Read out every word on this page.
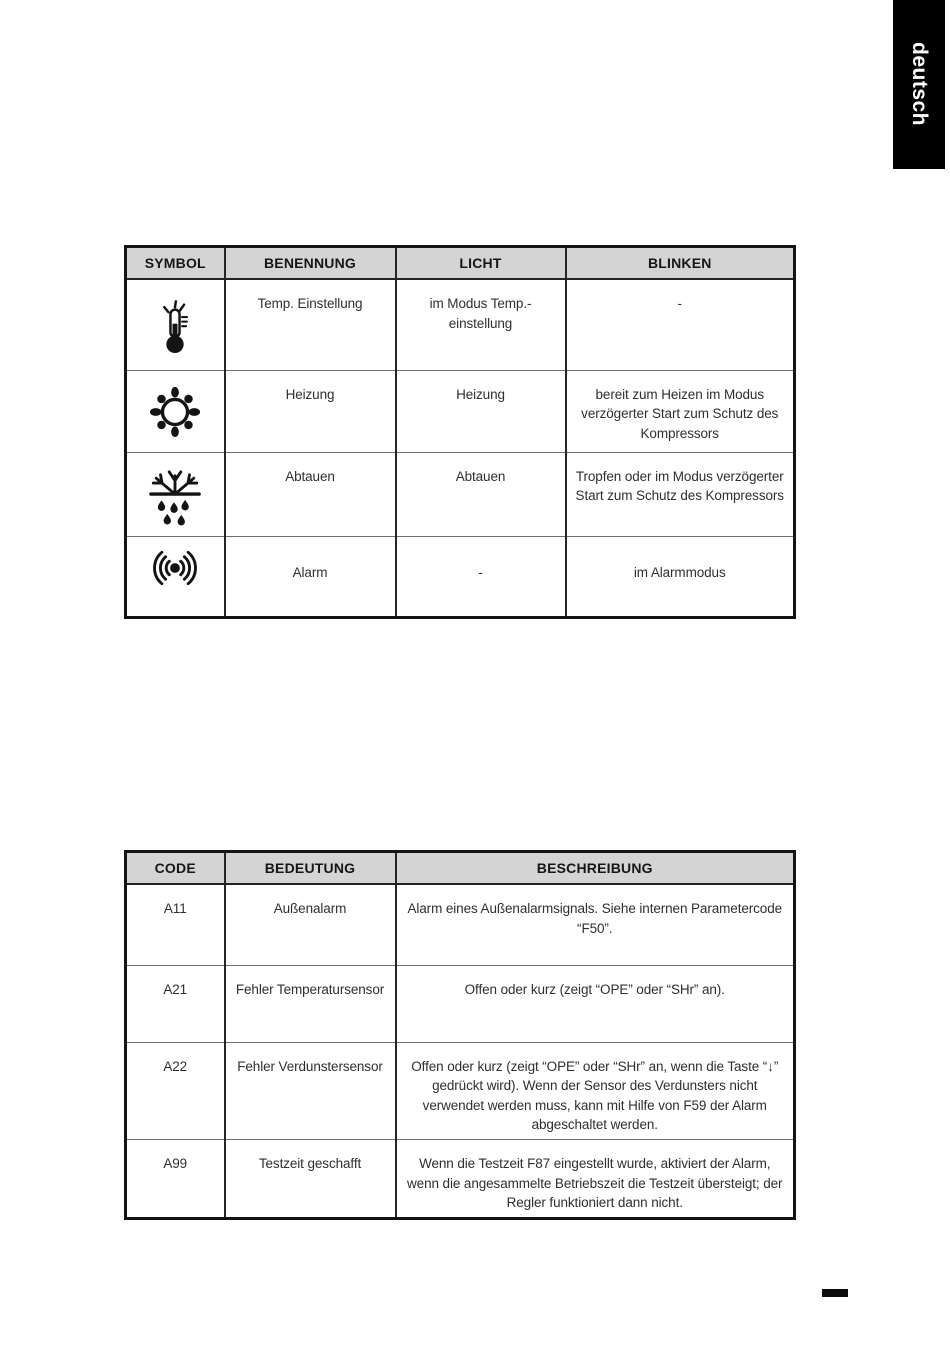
deutsch
SYMBOL	BENENNUNG	LICHT	BLINKEN
	Temp. Einstellung	im Modus Temp.-einstellung	-
	Heizung	Heizung	bereit zum Heizen im Modus verzögerter Start zum Schutz des Kompressors
	Abtauen	Abtauen	Tropfen oder im Modus verzögerter Start zum Schutz des Kompressors
	Alarm	-	im Alarmmodus
CODE	BEDEUTUNG	BESCHREIBUNG
A11	Außenalarm	Alarm eines Außenalarmsignals. Siehe internen Parametercode “F50”.
A21	Fehler Temperatursensor	Offen oder kurz (zeigt “OPE” oder “SHr” an).
A22	Fehler Verdunstersensor	Offen oder kurz (zeigt “OPE” oder “SHr” an, wenn die Taste “↓” gedrückt wird). Wenn der Sensor des Verdunsters nicht verwendet werden muss, kann mit Hilfe von F59 der Alarm abgeschaltet werden.
A99	Testzeit geschafft	Wenn die Testzeit F87 eingestellt wurde, aktiviert der Alarm, wenn die angesammelte Betriebszeit die Testzeit übersteigt; der Regler funktioniert dann nicht.
